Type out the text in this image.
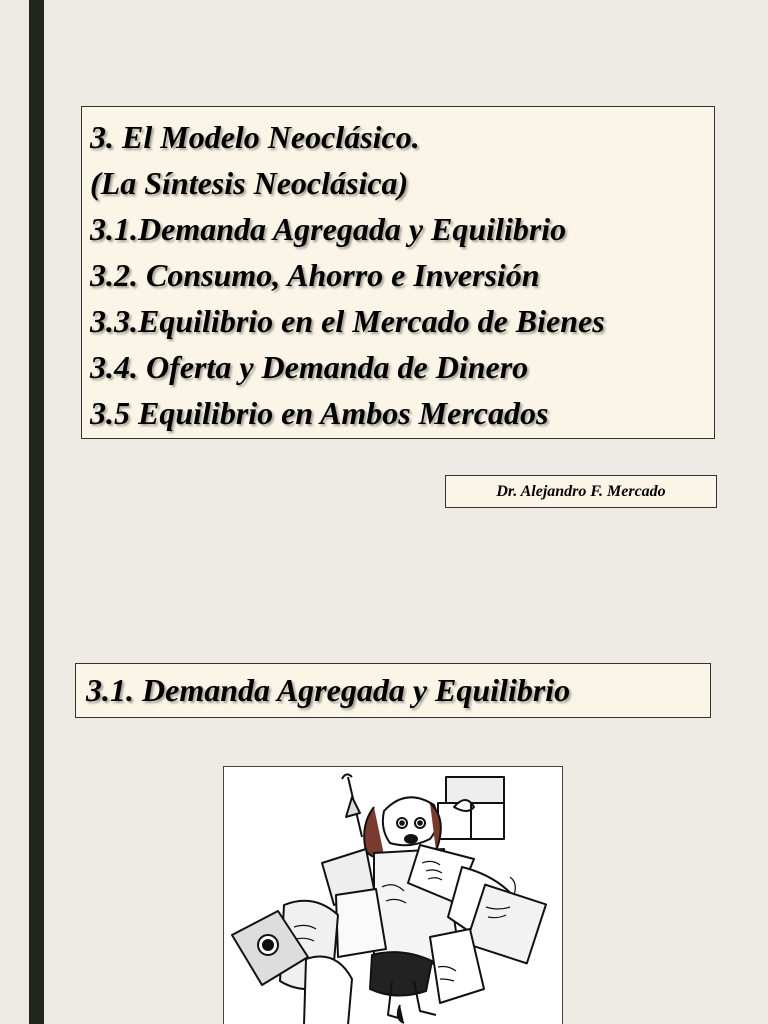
3. El Modelo Neoclásico.
(La Síntesis Neoclásica)
3.1.Demanda Agregada y Equilibrio
3.2. Consumo, Ahorro e Inversión
3.3.Equilibrio en el Mercado de Bienes
3.4. Oferta y Demanda de Dinero
3.5 Equilibrio en Ambos Mercados
Dr. Alejandro F. Mercado
3.1. Demanda Agregada y Equilibrio
